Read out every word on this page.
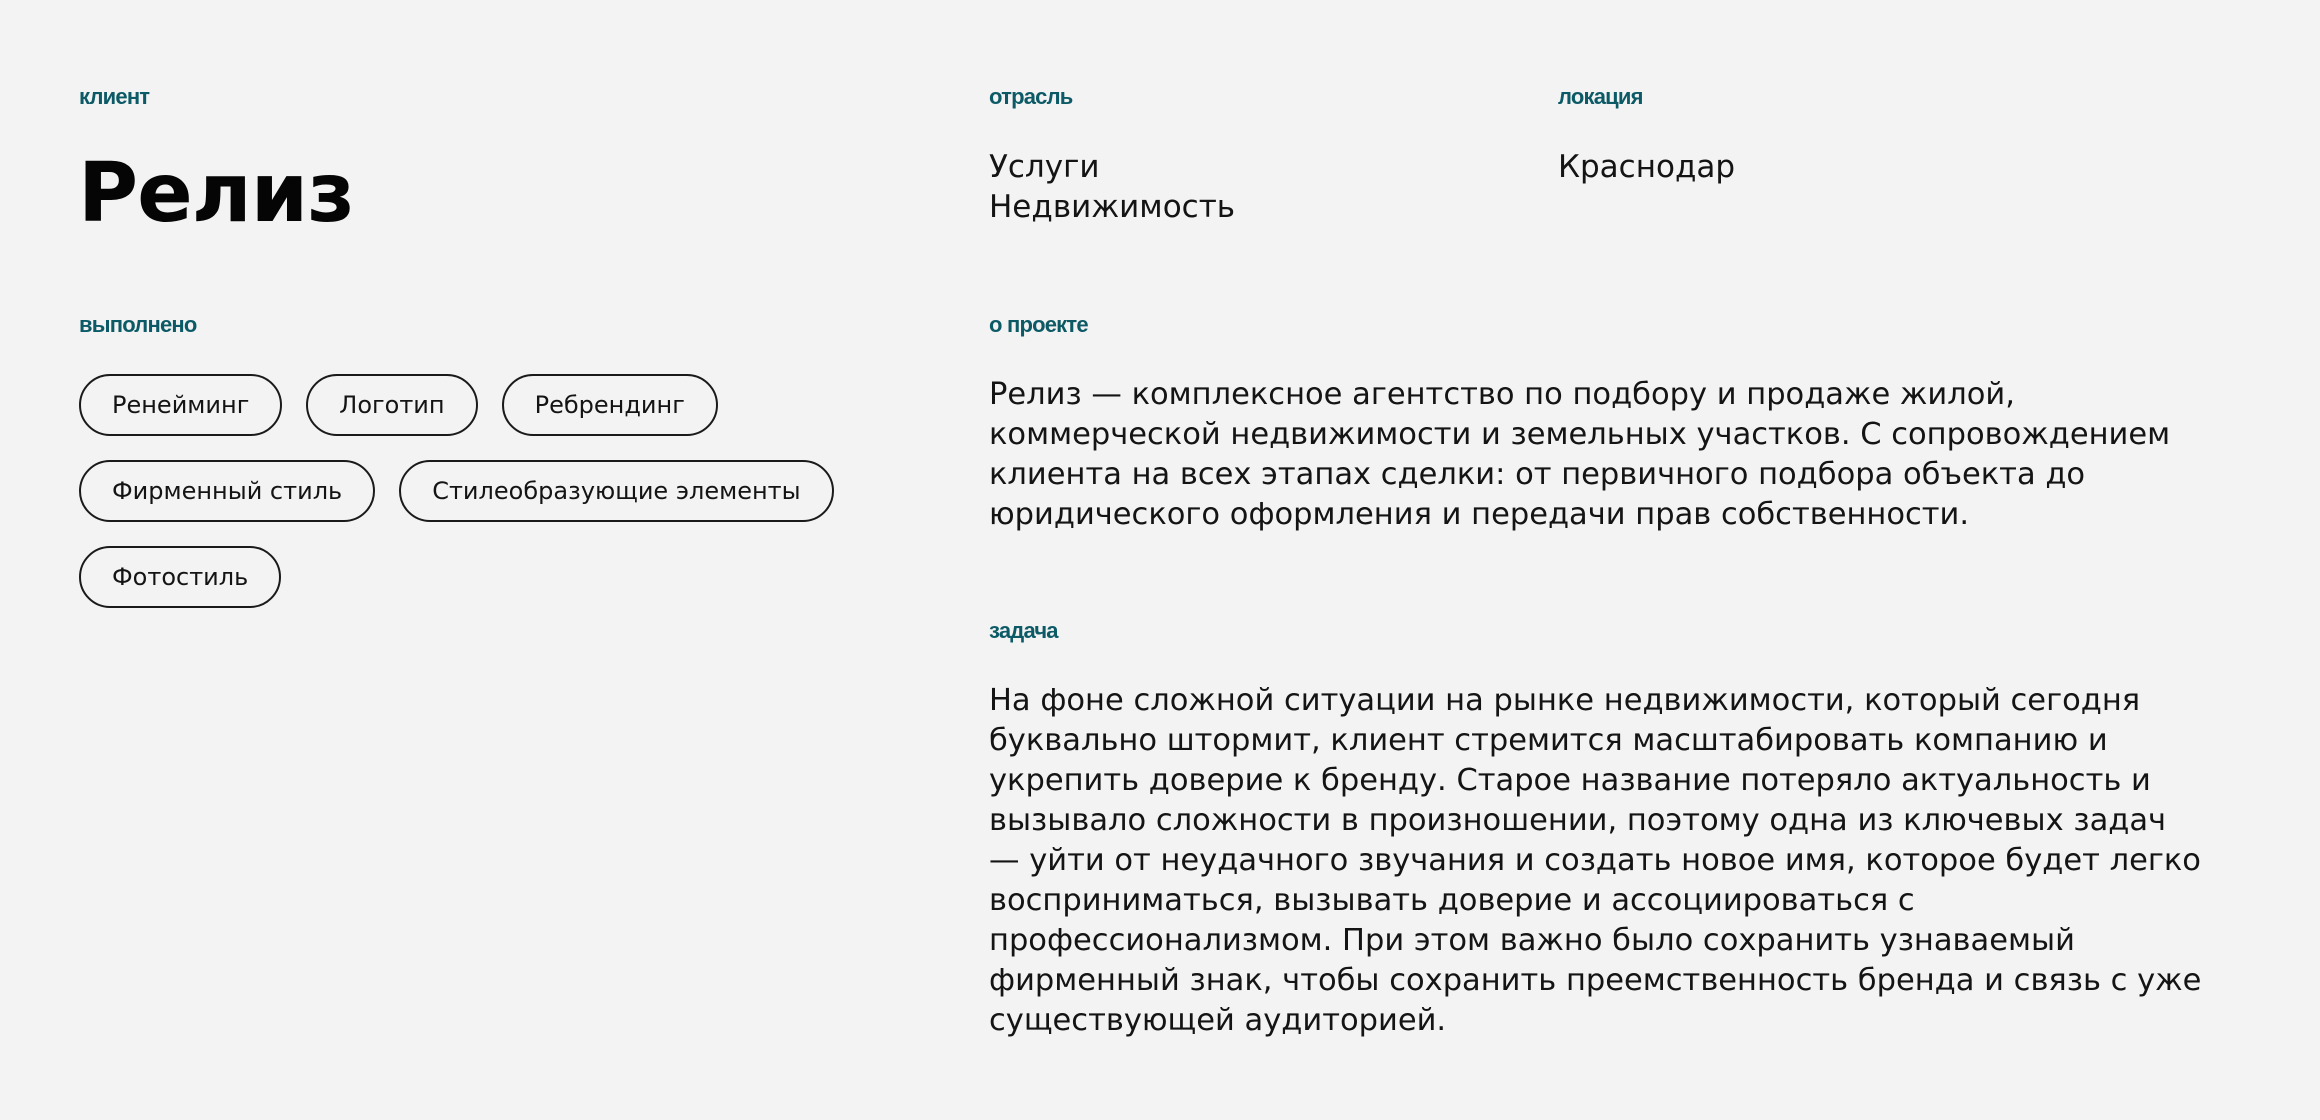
клиент
Релиз
отрасль
Услуги
Недвижимость
локация
Краснодар
выполнено
Ренейминг	Логотип	Ребрендинг
Фирменный стиль	Стилеобразующие элементы
Фотостиль
о проекте
Релиз — комплексное агентство по подбору и продаже жилой,
коммерческой недвижимости и земельных участков. С сопровождением
клиента на всех этапах сделки: от первичного подбора объекта до
юридического оформления и передачи прав собственности.
задача
На фоне сложной ситуации на рынке недвижимости, который сегодня
буквально штормит, клиент стремится масштабировать компанию и
укрепить доверие к бренду. Старое название потеряло актуальность и
вызывало сложности в произношении, поэтому одна из ключевых задач
— уйти от неудачного звучания и создать новое имя, которое будет легко
восприниматься, вызывать доверие и ассоциироваться с
профессионализмом. При этом важно было сохранить узнаваемый
фирменный знак, чтобы сохранить преемственность бренда и связь с уже
существующей аудиторией.
